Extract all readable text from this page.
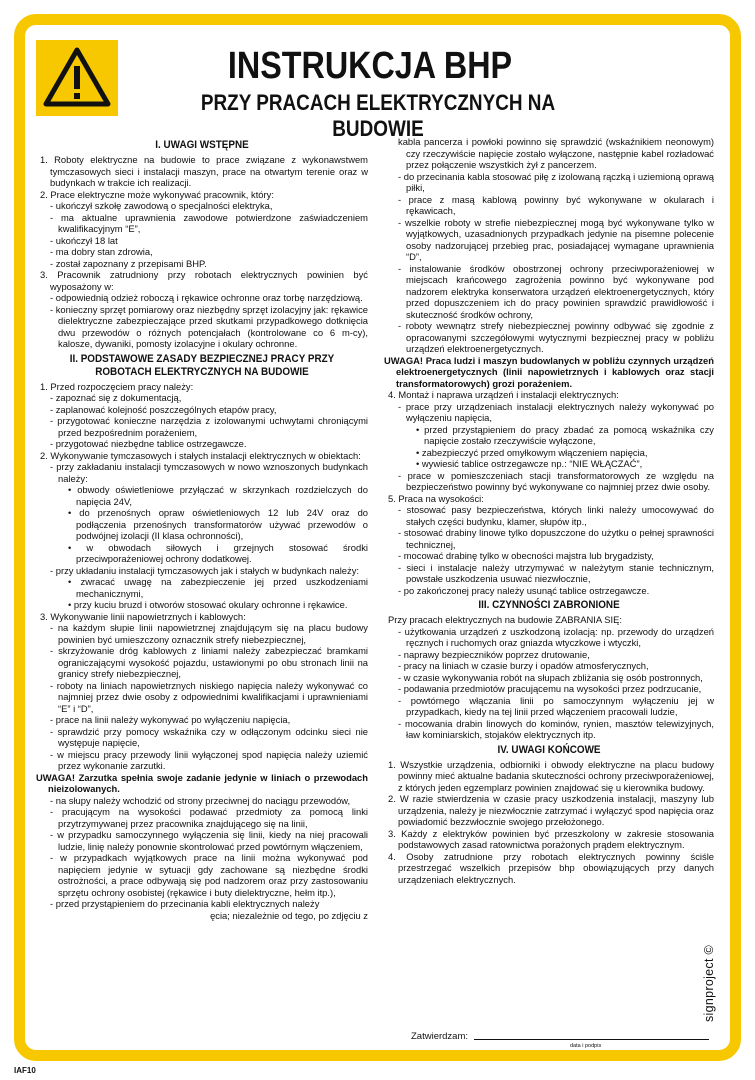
INSTRUKCJA BHP
PRZY PRACACH ELEKTRYCZNYCH NA BUDOWIE

I. UWAGI WSTĘPNE

1. Roboty elektryczne na budowie to prace związane z wykonawstwem tymczasowych sieci i instalacji maszyn, prace na otwartym terenie oraz w budynkach w trakcie ich realizacji.

2. Prace elektryczne może wykonywać pracownik, który:

- ukończył szkołę zawodową o specjalności elektryka,

- ma aktualne uprawnienia zawodowe potwierdzone zaświadczeniem kwalifikacyjnym “E”,

- ukończył 18 lat

- ma dobry stan zdrowia,

- został zapoznany z przepisami BHP.

3. Pracownik zatrudniony przy robotach elektrycznych powinien być wyposażony w:

- odpowiednią odzież roboczą i rękawice ochronne oraz torbę narzędziową.

- konieczny sprzęt pomiarowy oraz niezbędny sprzęt izolacyjny jak: rękawice dielektryczne zabezpieczające przed skutkami przypadkowego dotknięcia dwu przewodów o różnych potencjałach (kontrolowane co 6 m-cy), kalosze, dywaniki, pomosty izolacyjne i okulary ochronne.

II. PODSTAWOWE ZASADY BEZPIECZNEJ PRACY PRZY ROBOTACH ELEKTRYCZNYCH NA BUDOWIE

1. Przed rozpoczęciem pracy należy:

- zapoznać się z dokumentacją,

- zaplanować kolejność poszczególnych etapów pracy,

- przygotować konieczne narzędzia z izolowanymi uchwytami chroniącymi przed bezpośrednim porażeniem,

- przygotować niezbędne tablice ostrzegawcze.

2. Wykonywanie tymczasowych i stałych instalacji elektrycznych w obiektach:

- przy zakładaniu instalacji tymczasowych w nowo wznoszonych budynkach należy:

• obwody oświetleniowe przyłączać w skrzynkach rozdzielczych do napięcia 24V,

• do przenośnych opraw oświetleniowych 12 lub 24V oraz do podłączenia przenośnych transformatorów używać przewodów o podwójnej izolacji (II klasa ochronności),

• w obwodach siłowych i grzejnych stosować środki przeciwporażeniowej ochrony dodatkowej.

- przy układaniu instalacji tymczasowych jak i stałych w budynkach należy:

• zwracać uwagę na zabezpieczenie jej przed uszkodzeniami mechanicznymi,

• przy kuciu bruzd i otworów stosować okulary ochronne i rękawice.

3. Wykonywanie linii napowietrznych i kablowych:

- na każdym słupie linii napowietrznej znajdującym się na placu budowy powinien być umieszczony oznacznik strefy niebezpiecznej,

- skrzyżowanie dróg kablowych z liniami należy zabezpieczać bramkami ograniczającymi wysokość pojazdu, ustawionymi po obu stronach linii na granicy strefy niebezpiecznej,

- roboty na liniach napowietrznych niskiego napięcia należy wykonywać co najmniej przez dwie osoby z odpowiednimi kwalifikacjami i uprawnieniami “E” i “D”,

- prace na linii należy wykonywać po wyłączeniu napięcia,

- sprawdzić przy pomocy wskaźnika czy w odłączonym odcinku sieci nie występuje napięcie,

- w miejscu pracy przewody linii wyłączonej spod napięcia należy uziemić przez wykonanie zarzutki.

UWAGA! Zarzutka spełnia swoje zadanie jedynie w liniach o przewodach nieizolowanych.

- na słupy należy wchodzić od strony przeciwnej do naciągu przewodów,

- pracującym na wysokości podawać przedmioty za pomocą linki przytrzymywanej przez pracownika znajdującego się na linii,

- w przypadku samoczynnego wyłączenia się linii, kiedy na niej pracowali ludzie, linię należy ponownie skontrolować przed powtórnym włączeniem,

- w przypadkach wyjątkowych prace na linii można wykonywać pod napięciem jedynie w sytuacji gdy zachowane są niezbędne środki ostrożności, a prace odbywają się pod nadzorem oraz przy zastosowaniu sprzętu ochrony osobistej (rękawice i buty dielektryczne, hełm itp.),

- przed przystąpieniem do przecinania kabli elektrycznych należy

ęcia; niezależnie od tego, po zdjęciu z

kabla pancerza i powłoki powinno się sprawdzić (wskaźnikiem neonowym) czy rzeczywiście napięcie zostało wyłączone, następnie kabel rozładować przez połączenie wszystkich żył z pancerzem.

- do przecinania kabla stosować piłę z izolowaną rączką i uziemioną oprawą piłki,

- prace z masą kablową powinny być wykonywane w okularach i rękawicach,

- wszelkie roboty w strefie niebezpiecznej mogą być wykonywane tylko w wyjątkowych, uzasadnionych przypadkach jedynie na pisemne polecenie osoby nadzorującej przebieg prac, posiadającej wymagane uprawnienia “D”,

- instalowanie środków obostrzonej ochrony przeciwporażeniowej w miejscach krańcowego zagrożenia powinno być wykonywane pod nadzorem elektryka konserwatora urządzeń elektroenergetycznych, który przed dopuszczeniem ich do pracy powinien sprawdzić prawidłowość i skuteczność środków ochrony,

- roboty wewnątrz strefy niebezpiecznej powinny odbywać się zgodnie z opracowanymi szczegółowymi wytycznymi bezpiecznej pracy w pobliżu urządzeń elektroenergetycznych.

UWAGA! Praca ludzi i maszyn budowlanych w pobliżu czynnych urządzeń elektroenergetycznych (linii napowietrznych i kablowych oraz stacji transformatorowych) grozi porażeniem.

4. Montaż i naprawa urządzeń i instalacji elektrycznych:

- prace przy urządzeniach instalacji elektrycznych należy wykonywać po wyłączeniu napięcia,

• przed przystąpieniem do pracy zbadać za pomocą wskaźnika czy napięcie zostało rzeczywiście wyłączone,

• zabezpieczyć przed omyłkowym włączeniem napięcia,

• wywiesić tablice ostrzegawcze np.: “NIE WŁĄCZAĆ”,

- prace w pomieszczeniach stacji transformatorowych ze względu na bezpieczeństwo powinny być wykonywane co najmniej przez dwie osoby.

5. Praca na wysokości:

- stosować pasy bezpieczeństwa, których linki należy umocowywać do stałych części budynku, klamer, słupów itp.,

- stosować drabiny linowe tylko dopuszczone do użytku o pełnej sprawności technicznej,

- mocować drabinę tylko w obecności majstra lub brygadzisty,

- sieci i instalacje należy utrzymywać w należytym stanie technicznym, powstałe uszkodzenia usuwać niezwłocznie,

- po zakończonej pracy należy usunąć tablice ostrzegawcze.

III. CZYNNOŚCI ZABRONIONE

Przy pracach elektrycznych na budowie ZABRANIA SIĘ:

- użytkowania urządzeń z uszkodzoną izolacją: np. przewody do urządzeń ręcznych i ruchomych oraz gniazda wtyczkowe i wtyczki,

- naprawy bezpieczników poprzez drutowanie,

- pracy na liniach w czasie burzy i opadów atmosferycznych,

- w czasie wykonywania robót na słupach zbliżania się osób postronnych,

- podawania przedmiotów pracującemu na wysokości przez podrzucanie,

- powtórnego włączania linii po samoczynnym wyłączeniu jej w przypadkach, kiedy na tej linii przed włączeniem pracowali ludzie,

- mocowania drabin linowych do kominów, rynien, masztów telewizyjnych, ław kominiarskich, stojaków elektrycznych itp.

IV. UWAGI KOŃCOWE

1. Wszystkie urządzenia, odbiorniki i obwody elektryczne na placu budowy powinny mieć aktualne badania skuteczności ochrony przeciwporażeniowej, z których jeden egzemplarz powinien znajdować się u kierownika budowy.

2. W razie stwierdzenia w czasie pracy uszkodzenia instalacji, maszyny lub urządzenia, należy je niezwłocznie zatrzymać i wyłączyć spod napięcia oraz powiadomić bezzwłocznie swojego przełożonego.

3. Każdy z elektryków powinien być przeszkolony w zakresie stosowania podstawowych zasad ratownictwa porażonych prądem elektrycznym.

4. Osoby zatrudnione przy robotach elektrycznych powinny ściśle przestrzegać wszelkich przepisów bhp obowiązujących przy danych urządzeniach elektrycznych.

Zatwierdzam:
data i podpis
signproject ©
IAF10
